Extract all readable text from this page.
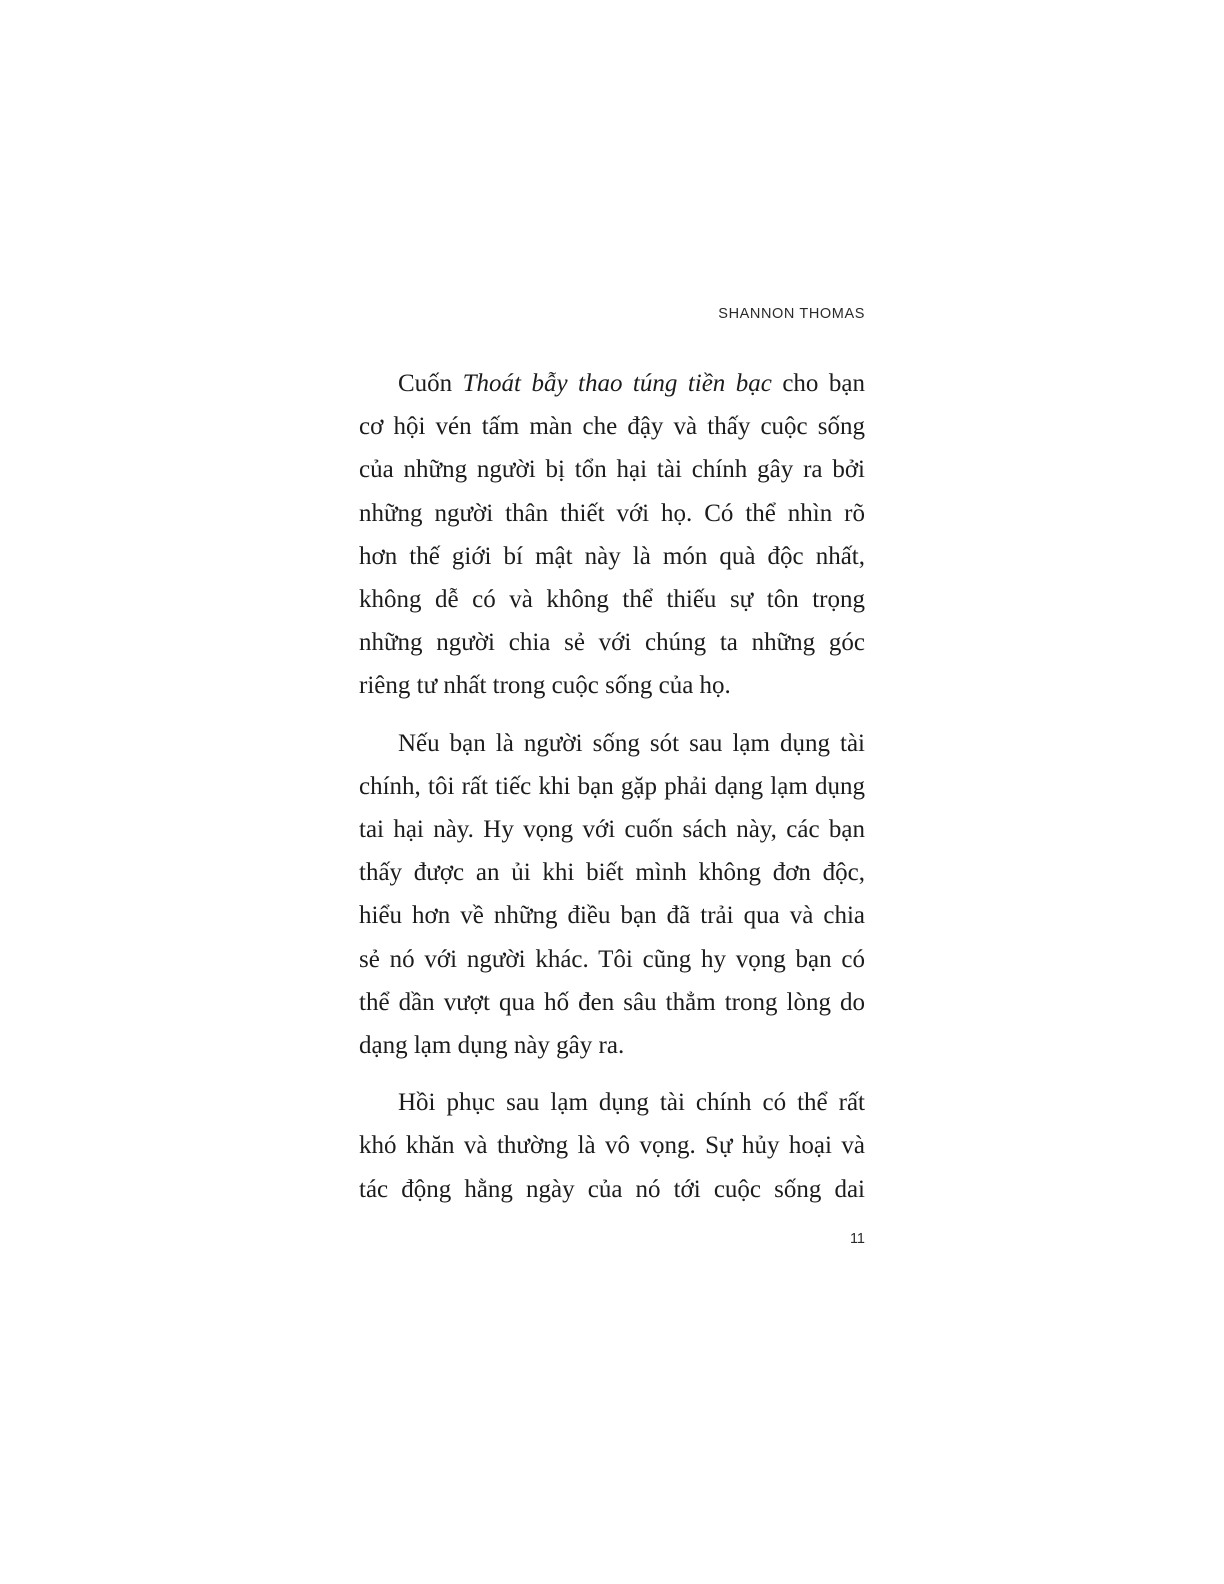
SHANNON THOMAS
Cuốn Thoát bẫy thao túng tiền bạc cho bạn
cơ hội vén tấm màn che đậy và thấy cuộc sống
của những người bị tổn hại tài chính gây ra bởi
những người thân thiết với họ. Có thể nhìn rõ
hơn thế giới bí mật này là món quà độc nhất,
không dễ có và không thể thiếu sự tôn trọng
những người chia sẻ với chúng ta những góc
riêng tư nhất trong cuộc sống của họ.
Nếu bạn là người sống sót sau lạm dụng tài
chính, tôi rất tiếc khi bạn gặp phải dạng lạm dụng
tai hại này. Hy vọng với cuốn sách này, các bạn
thấy được an ủi khi biết mình không đơn độc,
hiểu hơn về những điều bạn đã trải qua và chia
sẻ nó với người khác. Tôi cũng hy vọng bạn có
thể dần vượt qua hố đen sâu thẳm trong lòng do
dạng lạm dụng này gây ra.
Hồi phục sau lạm dụng tài chính có thể rất
khó khăn và thường là vô vọng. Sự hủy hoại và
tác động hằng ngày của nó tới cuộc sống dai
11
